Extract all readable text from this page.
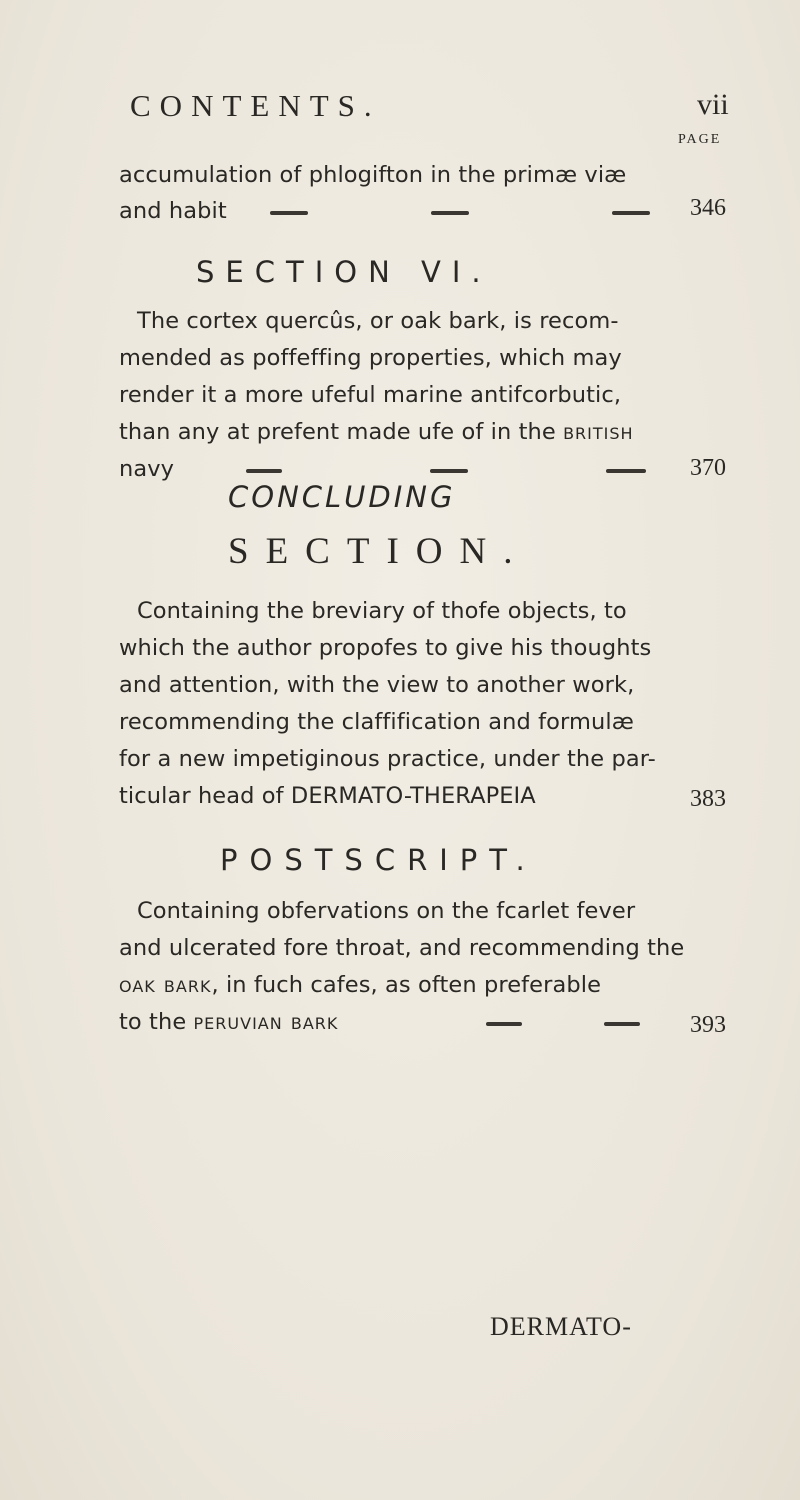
CONTENTS.	vii
PAGE
accumulation of phlogifton in the primæ viæ
and habit	346
SECTION VI.
The cortex quercûs, or oak bark, is recom-
mended as poffeffing properties, which may
render it a more ufeful marine antifcorbutic,
than any at prefent made ufe of in the british
navy	370
CONCLUDING
SECTION.
Containing the breviary of thofe objects, to
which the author propofes to give his thoughts
and attention, with the view to another work,
recommending the claffification and formulæ
for a new impetiginous practice, under the par-
ticular head of DERMATO-THERAPEIA	383
POSTSCRIPT.
Containing obfervations on the fcarlet fever
and ulcerated fore throat, and recommending the
oak bark, in fuch cafes, as often preferable
to the peruvian bark	393
DERMATO-
